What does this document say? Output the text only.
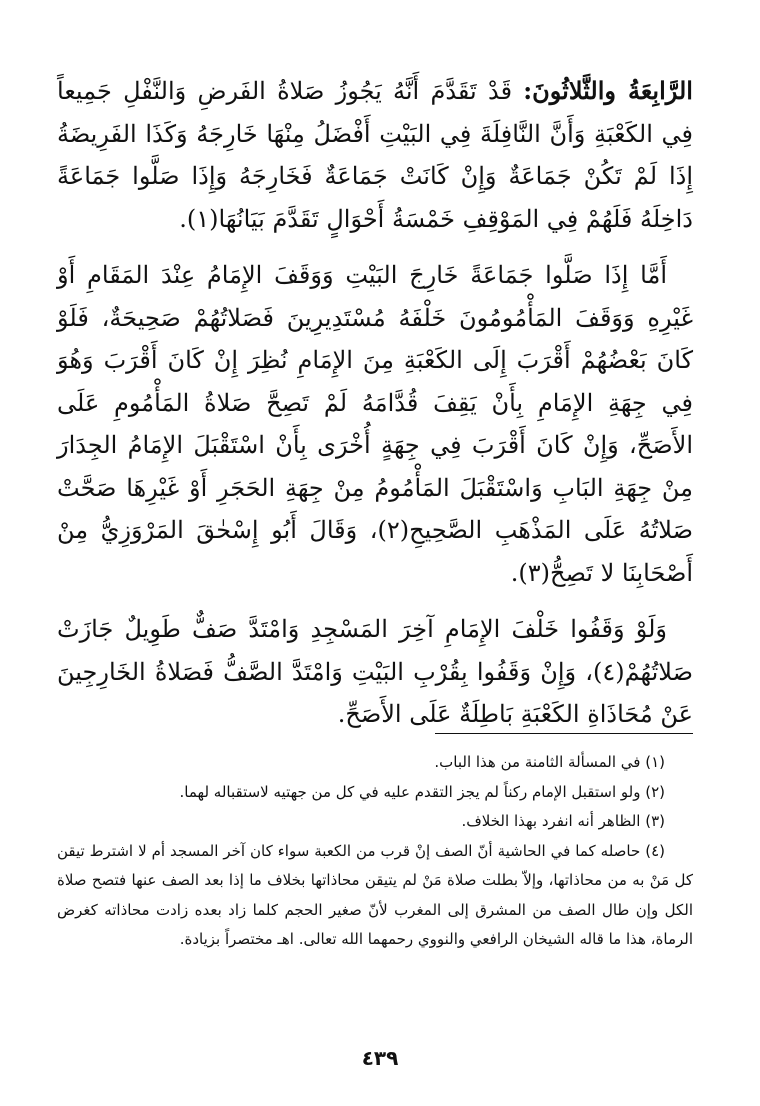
الرَّابِعَةُ والثَّلاثُونَ: قَدْ تَقَدَّمَ أَنَّهُ يَجُوزُ صَلاةُ الفَرضِ وَالنَّفْلِ جَمِيعاً فِي الكَعْبَةِ وَأَنَّ النَّافِلَةَ فِي البَيْتِ أَفْضَلُ مِنْهَا خَارِجَهُ وَكَذَا الفَرِيضَةُ إِذَا لَمْ تَكُنْ جَمَاعَةٌ وَإِنْ كَانَتْ جَمَاعَةٌ فَخَارِجَهُ وَإِذَا صَلَّوا جَمَاعَةً دَاخِلَهُ فَلَهُمْ فِي المَوْقِفِ خَمْسَةُ أَحْوَالٍ تَقَدَّمَ بَيَانُهَا(١).

أَمَّا إِذَا صَلَّوا جَمَاعَةً خَارِجَ البَيْتِ وَوَقَفَ الإِمَامُ عِنْدَ المَقَامِ أَوْ غَيْرِهِ وَوَقَفَ المَأْمُومُونَ خَلْفَهُ مُسْتَدِيرِينَ فَصَلاتُهُمْ صَحِيحَةٌ، فَلَوْ كَانَ بَعْضُهُمْ أَقْرَبَ إِلَى الكَعْبَةِ مِنَ الإِمَامِ نُظِرَ إِنْ كَانَ أَقْرَبَ وَهُوَ فِي جِهَةِ الإِمَامِ بِأَنْ يَقِفَ قُدَّامَهُ لَمْ تَصِحَّ صَلاةُ المَأْمُومِ عَلَى الأَصَحِّ، وَإِنْ كَانَ أَقْرَبَ فِي جِهَةٍ أُخْرَى بِأَنْ اسْتَقْبَلَ الإِمَامُ الجِدَارَ مِنْ جِهَةِ البَابِ وَاسْتَقْبَلَ المَأْمُومُ مِنْ جِهَةِ الحَجَرِ أَوْ غَيْرِهَا صَحَّتْ صَلاتُهُ عَلَى المَذْهَبِ الصَّحِيحِ(٢)، وَقَالَ أَبُو إِسْحٰقَ المَرْوَزِيُّ مِنْ أَصْحَابِنَا لا تَصِحُّ(٣).

وَلَوْ وَقَفُوا خَلْفَ الإِمَامِ آخِرَ المَسْجِدِ وَامْتَدَّ صَفٌّ طَوِيلٌ جَازَتْ صَلاتُهُمْ(٤)، وَإِنْ وَقَفُوا بِقُرْبِ البَيْتِ وَامْتَدَّ الصَّفُّ فَصَلاةُ الخَارِجِينَ عَنْ مُحَاذَاةِ الكَعْبَةِ بَاطِلَةٌ عَلَى الأَصَحِّ.

(١) في المسألة الثامنة من هذا الباب.

(٢) ولو استقبل الإمام ركناً لم يجز التقدم عليه في كل من جهتيه لاستقباله لهما.

(٣) الظاهر أنه انفرد بهذا الخلاف.

(٤) حاصله كما في الحاشية أنّ الصف إنْ قرب من الكعبة سواء كان آخر المسجد أم لا اشترط تيقن كل مَنْ به من محاذاتها، وإلاّ بطلت صلاة مَنْ لم يتيقن محاذاتها بخلاف ما إذا بعد الصف عنها فتصح صلاة الكل وإن طال الصف من المشرق إلى المغرب لأنّ صغير الحجم كلما زاد بعده زادت محاذاته كغرض الرماة، هذا ما قاله الشيخان الرافعي والنووي رحمهما الله تعالى. اهـ مختصراً بزيادة.

٤٣٩
